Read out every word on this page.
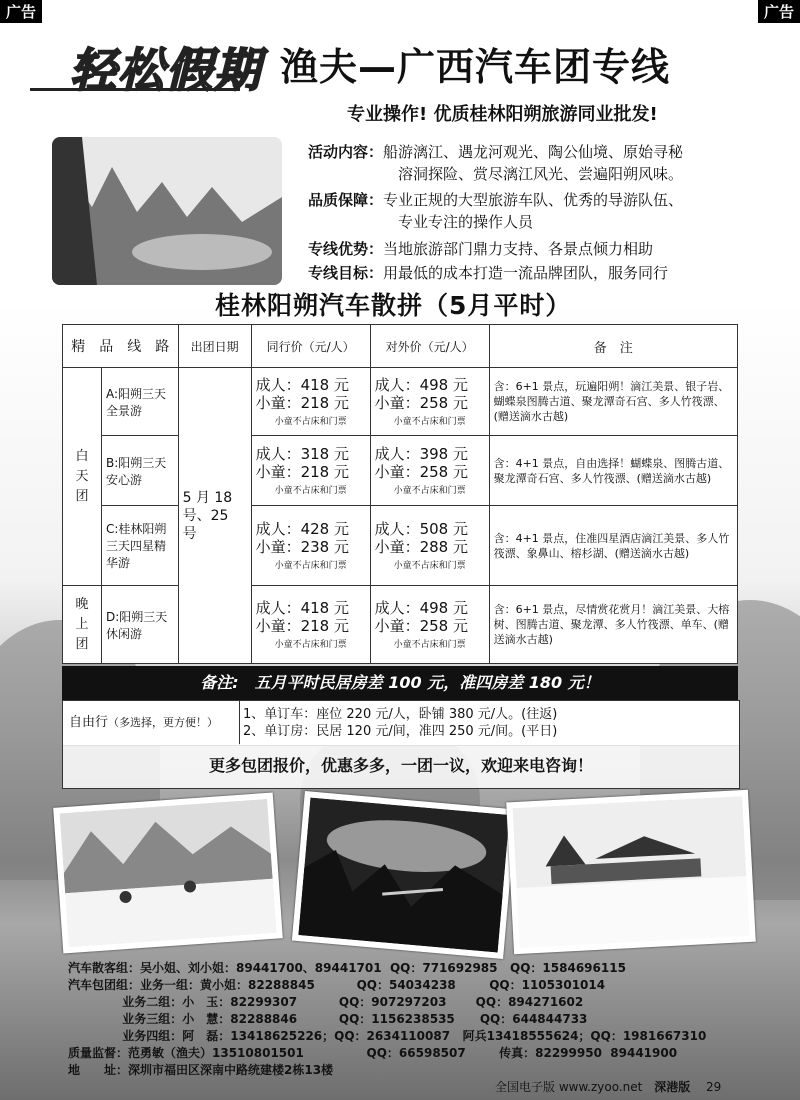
广告	广告
轻松假期 渔夫—广西汽车团专线
专业操作! 优质桂林阳朔旅游同业批发!
活动内容：船游漓江、遇龙河观光、陶公仙境、原始寻秘
溶洞探险、赏尽漓江风光、尝遍阳朔风味。
品质保障：专业正规的大型旅游车队、优秀的导游队伍、
专业专注的操作人员
专线优势：当地旅游部门鼎力支持、各景点倾力相助
专线目标：用最低的成本打造一流品牌团队，服务同行
桂林阳朔汽车散拼（5月平时）
精　品　线　路		出团日期	同行价（元/人）	对外价（元/人）	备　注
白天团	A:阳朔三天全景游	5 月 18 号、25 号	成人：418 元
小童：218 元
小童不占床和门票	成人：498 元
小童：258 元
小童不占床和门票	含：6+1 景点，玩遍阳朔！滴江美景、银子岩、蝴蝶泉图腾古道、聚龙潭奇石宫、多人竹筏漂、(赠送滴水古越)
	B:阳朔三天安心游		成人：318 元
小童：218 元
小童不占床和门票	成人：398 元
小童：258 元
小童不占床和门票	含：4+1 景点，自由选择！蝴蝶泉、图腾古道、聚龙潭奇石宫、多人竹筏漂、(赠送滴水古越)
	C:桂林阳朔三天四星精华游		成人：428 元
小童：238 元
小童不占床和门票	成人：508 元
小童：288 元
小童不占床和门票	含：4+1 景点，住准四星酒店滴江美景、多人竹筏漂、象鼻山、榕杉湖、(赠送滴水古越)
晚上团	D:阳朔三天休闲游		成人：418 元
小童：218 元
小童不占床和门票	成人：498 元
小童：258 元
小童不占床和门票	含：6+1 景点，尽情赏花赏月！滴江美景、大榕树、图腾古道、聚龙潭、多人竹筏漂、单车、(赠送滴水古越)
备注:　五月平时民居房差 100 元，准四房差 180 元！
自由行（多选择，更方便！）
1、单订车：座位 220 元/人，卧铺 380 元/人。(往返)
2、单订房：民居 120 元/间，准四 250 元/间。(平日)
更多包团报价，优惠多多，一团一议，欢迎来电咨询！
汽车散客组：吴小姐、刘小姐：89441700、89441701  QQ：771692985   QQ：1584696115
汽车包团组：业务一组：黄小姐：82288845          QQ：54034238        QQ：1105301014
业务二组：小　玉：82299307          QQ：907297203       QQ：894271602
业务三组：小　慧：82288846          QQ：1156238535      QQ：644844733
业务四组：阿　磊：13418625226；QQ：2634110087   阿兵13418555624；QQ：1981667310
质量监督：范勇敏（渔夫）13510801501               QQ：66598507        传真：82299950  89441900
地　　址：深圳市福田区深南中路统建楼2栋13楼
全国电子版 www.zyoo.net 深港版 29
